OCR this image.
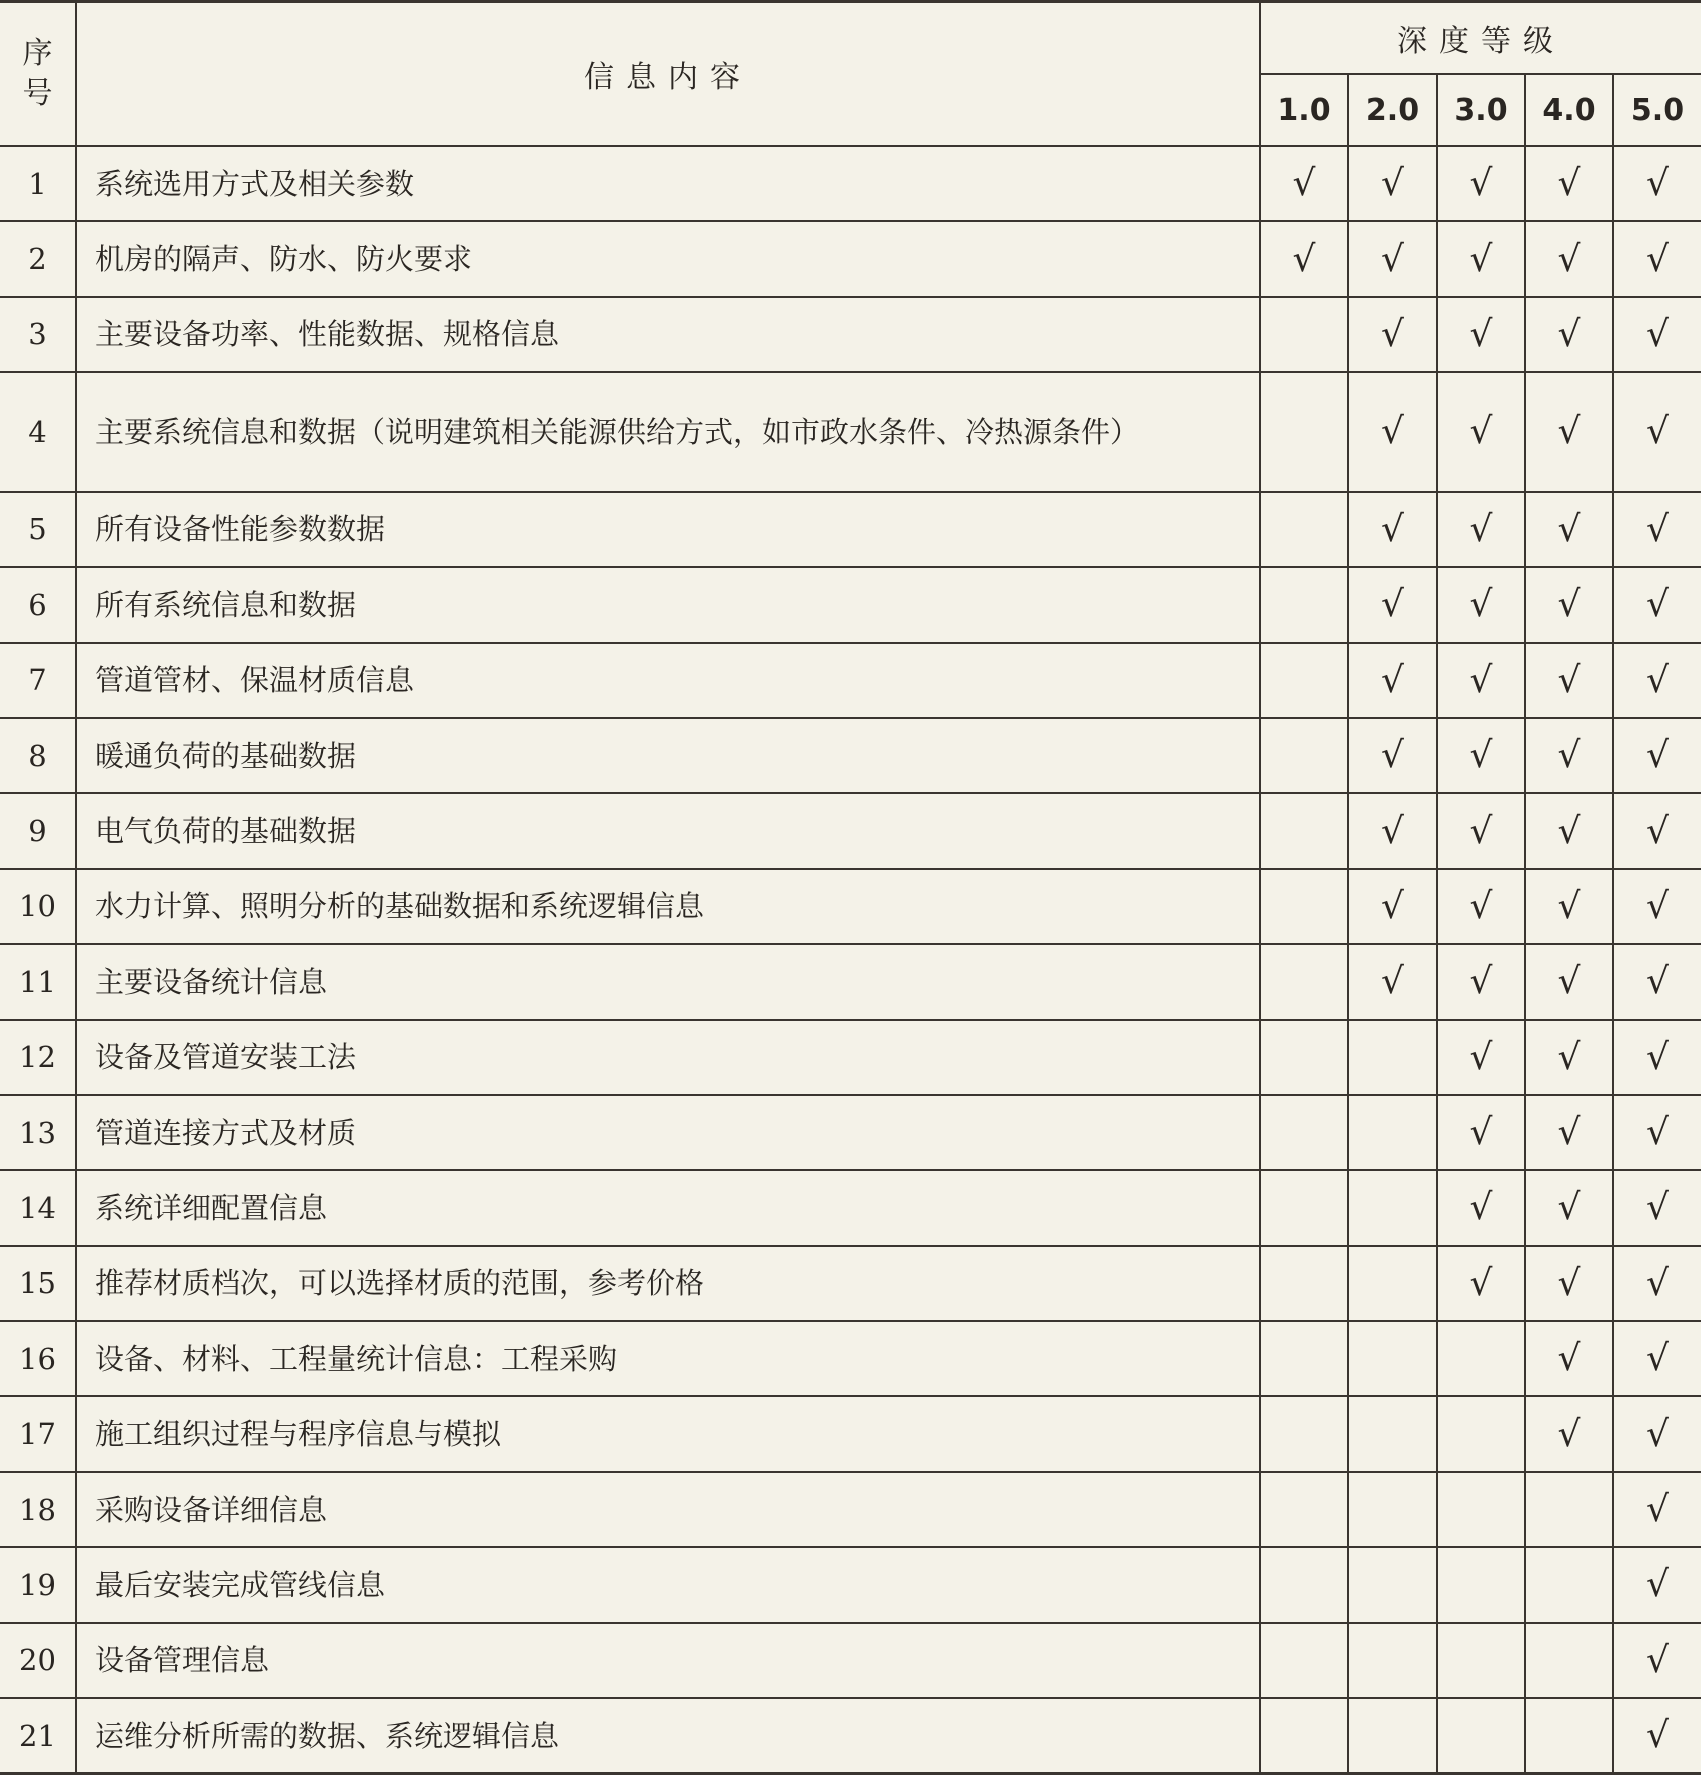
序
号	信息内容	深度等级				
		1.0	2.0	3.0	4.0	5.0
1	系统选用方式及相关参数	√	√	√	√	√
2	机房的隔声、防水、防火要求	√	√	√	√	√
3	主要设备功率、性能数据、规格信息		√	√	√	√
4	主要系统信息和数据（说明建筑相关能源供给方式，如市政水条件、冷热源条件）		√	√	√	√
5	所有设备性能参数数据		√	√	√	√
6	所有系统信息和数据		√	√	√	√
7	管道管材、保温材质信息		√	√	√	√
8	暖通负荷的基础数据		√	√	√	√
9	电气负荷的基础数据		√	√	√	√
10	水力计算、照明分析的基础数据和系统逻辑信息		√	√	√	√
11	主要设备统计信息		√	√	√	√
12	设备及管道安装工法			√	√	√
13	管道连接方式及材质			√	√	√
14	系统详细配置信息			√	√	√
15	推荐材质档次，可以选择材质的范围，参考价格			√	√	√
16	设备、材料、工程量统计信息：工程采购				√	√
17	施工组织过程与程序信息与模拟				√	√
18	采购设备详细信息					√
19	最后安装完成管线信息					√
20	设备管理信息					√
21	运维分析所需的数据、系统逻辑信息					√
